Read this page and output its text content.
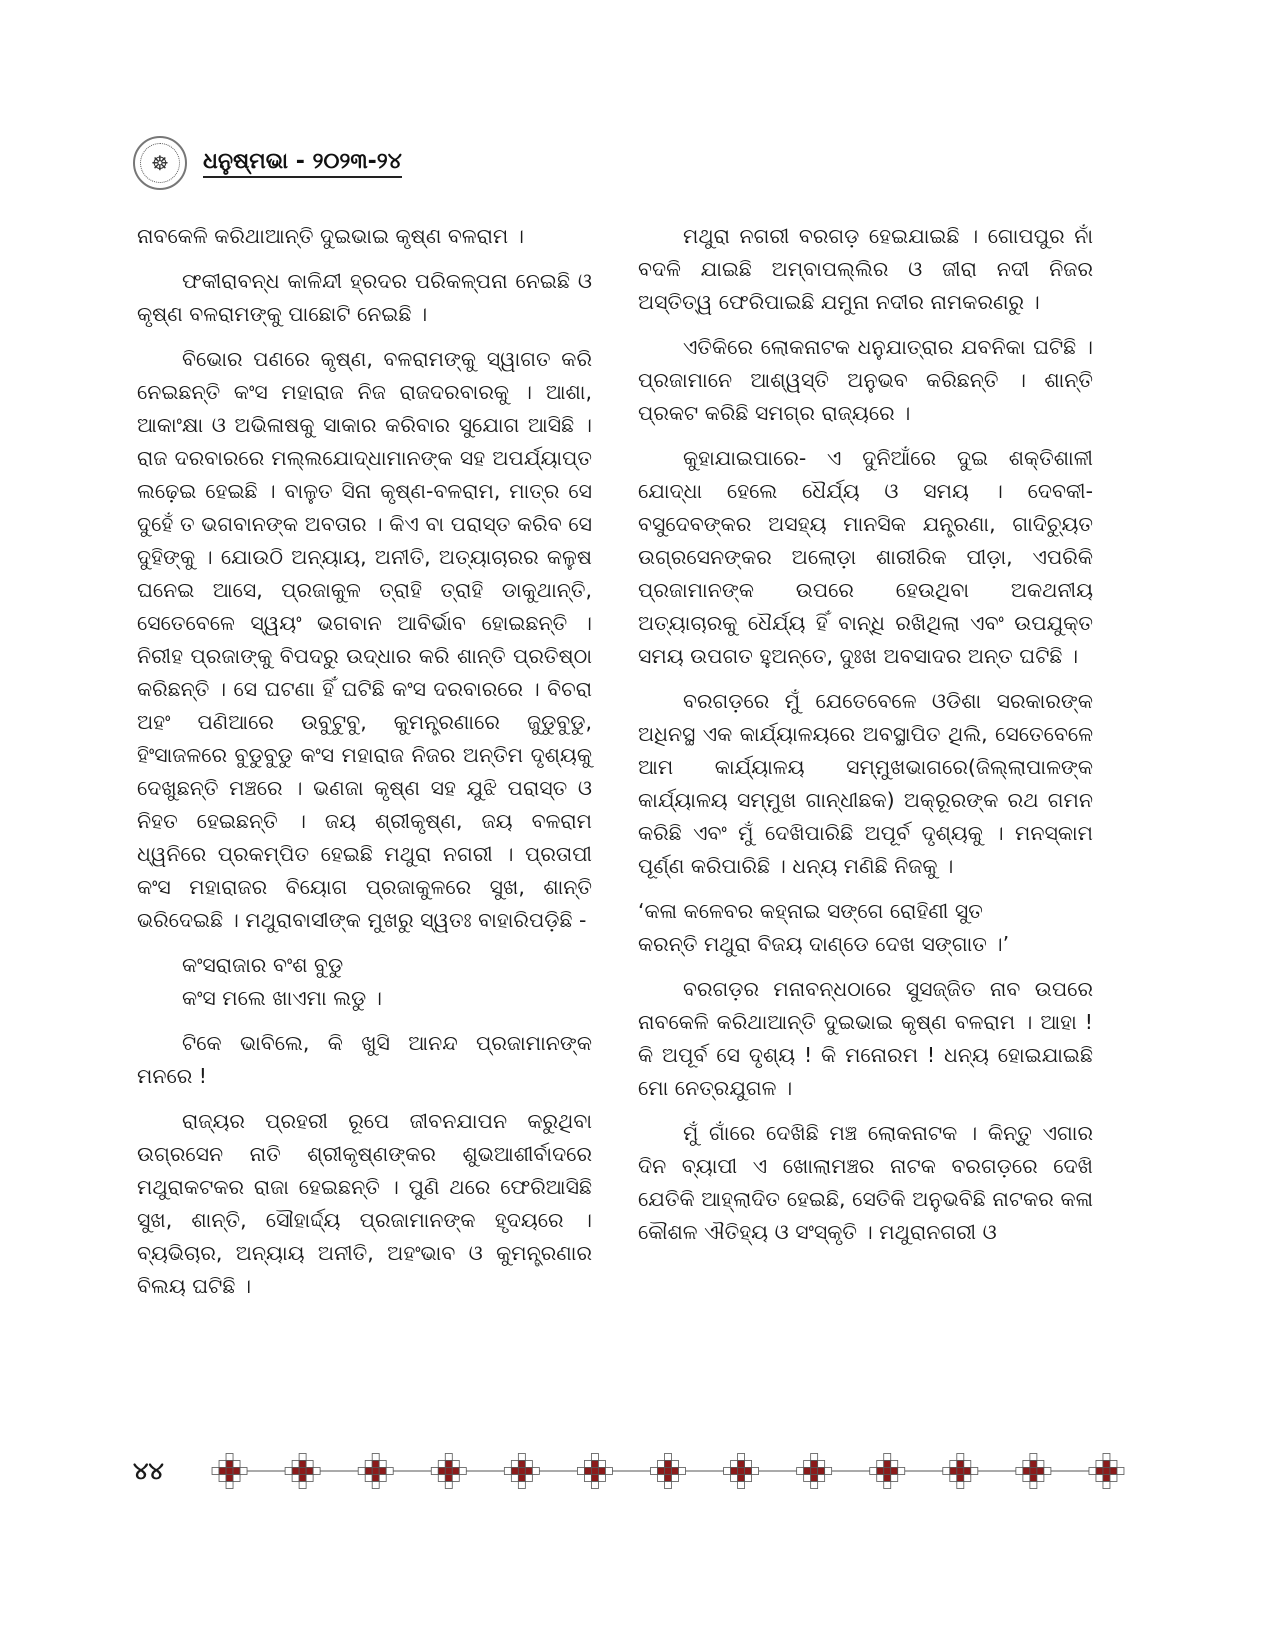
☸ ଧନୁଷ୍ମଭା - ୨୦୨୩-୨୪

ନାବକେଳି କରିଥାଆନ୍ତି ଦୁଇଭାଇ କୃଷ୍ଣ ବଳରାମ ।

ଫକୀରାବନ୍ଧ କାଳିନ୍ଦୀ ହ୍ରଦର ପରିକଳ୍ପନା ନେଇଛି ଓ କୃଷ୍ଣ ବଳରାମଙ୍କୁ ପାଛୋଟି ନେଇଛି ।

ବିଭୋର ପଣରେ କୃଷ୍ଣ, ବଳରାମଙ୍କୁ ସ୍ୱାଗତ କରି ନେଇଛନ୍ତି କଂସ ମହାରାଜ ନିଜ ରାଜଦରବାରକୁ । ଆଶା, ଆକାଂକ୍ଷା ଓ ଅଭିଳାଷକୁ ସାକାର କରିବାର ସୁଯୋଗ ଆସିଛି । ରାଜ ଦରବାରରେ ମଲ୍ଲଯୋଦ୍ଧାମାନଙ୍କ ସହ ଅପର୍ଯ୍ୟାପ୍ତ ଲଢ଼େଇ ହେଇଛି । ବାଳୁତ ସିନା କୃଷ୍ଣ-ବଳରାମ, ମାତ୍ର ସେ ଦୁହେଁ ତ ଭଗବାନଙ୍କ ଅବତାର । କିଏ ବା ପରାସ୍ତ କରିବ ସେ ଦୁହିଙ୍କୁ । ଯୋଉଠି ଅନ୍ୟାୟ, ଅନୀତି, ଅତ୍ୟାଚାରର କଳୁଷ ଘନେଇ ଆସେ, ପ୍ରଜାକୁଳ ତ୍ରାହି ତ୍ରାହି ଡାକୁଥାନ୍ତି, ସେତେବେଳେ ସ୍ୱୟଂ ଭଗବାନ ଆବିର୍ଭାବ ହୋଇଛନ୍ତି । ନିରୀହ ପ୍ରଜାଙ୍କୁ ବିପଦରୁ ଉଦ୍ଧାର କରି ଶାନ୍ତି ପ୍ରତିଷ୍ଠା କରିଛନ୍ତି । ସେ ଘଟଣା ହିଁ ଘଟିଛି କଂସ ଦରବାରରେ । ବିଚରା ଅହଂ ପଣିଆରେ ଉବୁଟୁବୁ, କୁମନ୍ତ୍ରଣାରେ ଜୁଡୁବୁଡୁ, ହିଂସାଜଳରେ ବୁଡୁବୁଡୁ କଂସ ମହାରାଜ ନିଜର ଅନ୍ତିମ ଦୃଶ୍ୟକୁ ଦେଖୁଛନ୍ତି ମଞ୍ଚରେ । ଭଣଜା କୃଷ୍ଣ ସହ ଯୁଝି ପରାସ୍ତ ଓ ନିହତ ହେଇଛନ୍ତି । ଜୟ ଶ୍ରୀକୃଷ୍ଣ, ଜୟ ବଳରାମ ଧ୍ୱନିରେ ପ୍ରକମ୍ପିତ ହେଇଛି ମଥୁରା ନଗରୀ । ପ୍ରତାପୀ କଂସ ମହାରାଜର ବିୟୋଗ ପ୍ରଜାକୁଳରେ ସୁଖ, ଶାନ୍ତି ଭରିଦେଇଛି । ମଥୁରାବାସୀଙ୍କ ମୁଖରୁ ସ୍ୱତଃ ବାହାରିପଡ଼ିଛି -

କଂସରାଜାର ବଂଶ ବୁଡୁ
କଂସ ମଲେ ଖାଏମା ଲଡୁ ।

ଟିକେ ଭାବିଲେ, କି ଖୁସି ଆନନ୍ଦ ପ୍ରଜାମାନଙ୍କ ମନରେ !

ରାଜ୍ୟର ପ୍ରହରୀ ରୂପେ ଜୀବନଯାପନ କରୁଥିବା ଉଗ୍ରସେନ ନାତି ଶ୍ରୀକୃଷ୍ଣଙ୍କର ଶୁଭଆଶୀର୍ବାଦରେ ମଥୁରାକଟକର ରାଜା ହେଇଛନ୍ତି । ପୁଣି ଥରେ ଫେରିଆସିଛି ସୁଖ, ଶାନ୍ତି, ସୌହାର୍ଦ୍ଦ୍ୟ ପ୍ରଜାମାନଙ୍କ ହୃଦୟରେ । ବ୍ୟଭିଚାର, ଅନ୍ୟାୟ ଅନୀତି, ଅହଂଭାବ ଓ କୁମନ୍ତ୍ରଣାର ବିଲୟ ଘଟିଛି ।

ମଥୁରା ନଗରୀ ବରଗଡ଼ ହେଇଯାଇଛି । ଗୋପପୁର ନାଁ ବଦଳି ଯାଇଛି ଅମ୍ବାପଲ୍ଲିର ଓ ଜୀରା ନଦୀ ନିଜର ଅସ୍ତିତ୍ୱ ଫେରିପାଇଛି ଯମୁନା ନଦୀର ନାମକରଣରୁ ।

ଏତିକିରେ ଲୋକନାଟକ ଧନୁଯାତ୍ରାର ଯବନିକା ଘଟିଛି । ପ୍ରଜାମାନେ ଆଶ୍ୱସ୍ତି ଅନୁଭବ କରିଛନ୍ତି । ଶାନ୍ତି ପ୍ରକଟ କରିଛି ସମଗ୍ର ରାଜ୍ୟରେ ।

କୁହାଯାଇପାରେ- ଏ ଦୁନିଆଁରେ ଦୁଇ ଶକ୍ତିଶାଳୀ ଯୋଦ୍ଧା ହେଲେ ଧୈର୍ଯ୍ୟ ଓ ସମୟ । ଦେବକୀ-ବସୁଦେବଙ୍କର ଅସହ୍ୟ ମାନସିକ ଯନ୍ତ୍ରଣା, ଗାଦିଚ୍ୟୁତ ଉଗ୍ରସେନଙ୍କର ଅଲୋଡ଼ା ଶାରୀରିକ ପୀଡ଼ା, ଏପରିକି ପ୍ରଜାମାନଙ୍କ ଉପରେ ହେଉଥିବା ଅକଥନୀୟ ଅତ୍ୟାଚାରକୁ ଧୈର୍ଯ୍ୟ ହିଁ ବାନ୍ଧି ରଖିଥିଲା ଏବଂ ଉପଯୁକ୍ତ ସମୟ ଉପଗତ ହୁଅନ୍ତେ, ଦୁଃଖ ଅବସାଦର ଅନ୍ତ ଘଟିଛି ।

ବରଗଡ଼ରେ ମୁଁ ଯେତେବେଳେ ଓଡିଶା ସରକାରଙ୍କ ଅଧିନସ୍ଥ ଏକ କାର୍ଯ୍ୟାଳୟରେ ଅବସ୍ଥାପିତ ଥିଲି, ସେତେବେଳେ ଆମ କାର୍ଯ୍ୟାଳୟ ସମ୍ମୁଖଭାଗରେ(ଜିଲ୍ଲାପାଳଙ୍କ କାର୍ଯ୍ୟାଳୟ ସମ୍ମୁଖ ଗାନ୍ଧୀଛକ) ଅକ୍ରୂରଙ୍କ ରଥ ଗମନ କରିଛି ଏବଂ ମୁଁ ଦେଖିପାରିଛି ଅପୂର୍ବ ଦୃଶ୍ୟକୁ । ମନସ୍କାମ ପୂର୍ଣ୍ଣ କରିପାରିଛି । ଧନ୍ୟ ମଣିଛି ନିଜକୁ ।

‘କଳା କଳେବର କହ୍ନାଇ ସଙ୍ଗେ ରୋହିଣୀ ସୁତ
କରନ୍ତି ମଥୁରା ବିଜୟ ଦାଣ୍ଡେ ଦେଖ ସଙ୍ଗାତ ।’

ବରଗଡ଼ର ମନାବନ୍ଧଠାରେ ସୁସଜ୍ଜିତ ନାବ ଉପରେ ନାବକେଳି କରିଥାଆନ୍ତି ଦୁଇଭାଇ କୃଷ୍ଣ ବଳରାମ । ଆହା ! କି ଅପୂର୍ବ ସେ ଦୃଶ୍ୟ ! କି ମନୋରମ ! ଧନ୍ୟ ହୋଇଯାଇଛି ମୋ ନେତ୍ରଯୁଗଳ ।

ମୁଁ ଗାଁରେ ଦେଖିଛି ମଞ୍ଚ ଲୋକନାଟକ । କିନ୍ତୁ ଏଗାର ଦିନ ବ୍ୟାପୀ ଏ ଖୋଲାମଞ୍ଚର ନାଟକ ବରଗଡ଼ରେ ଦେଖି ଯେତିକି ଆହ୍ଲାଦିତ ହେଇଛି, ସେତିକି ଅନୁଭବିଛି ନାଟକର କଳା କୌଶଳ ଐତିହ୍ୟ ଓ ସଂସ୍କୃତି । ମଥୁରାନଗରୀ ଓ

୪୪
